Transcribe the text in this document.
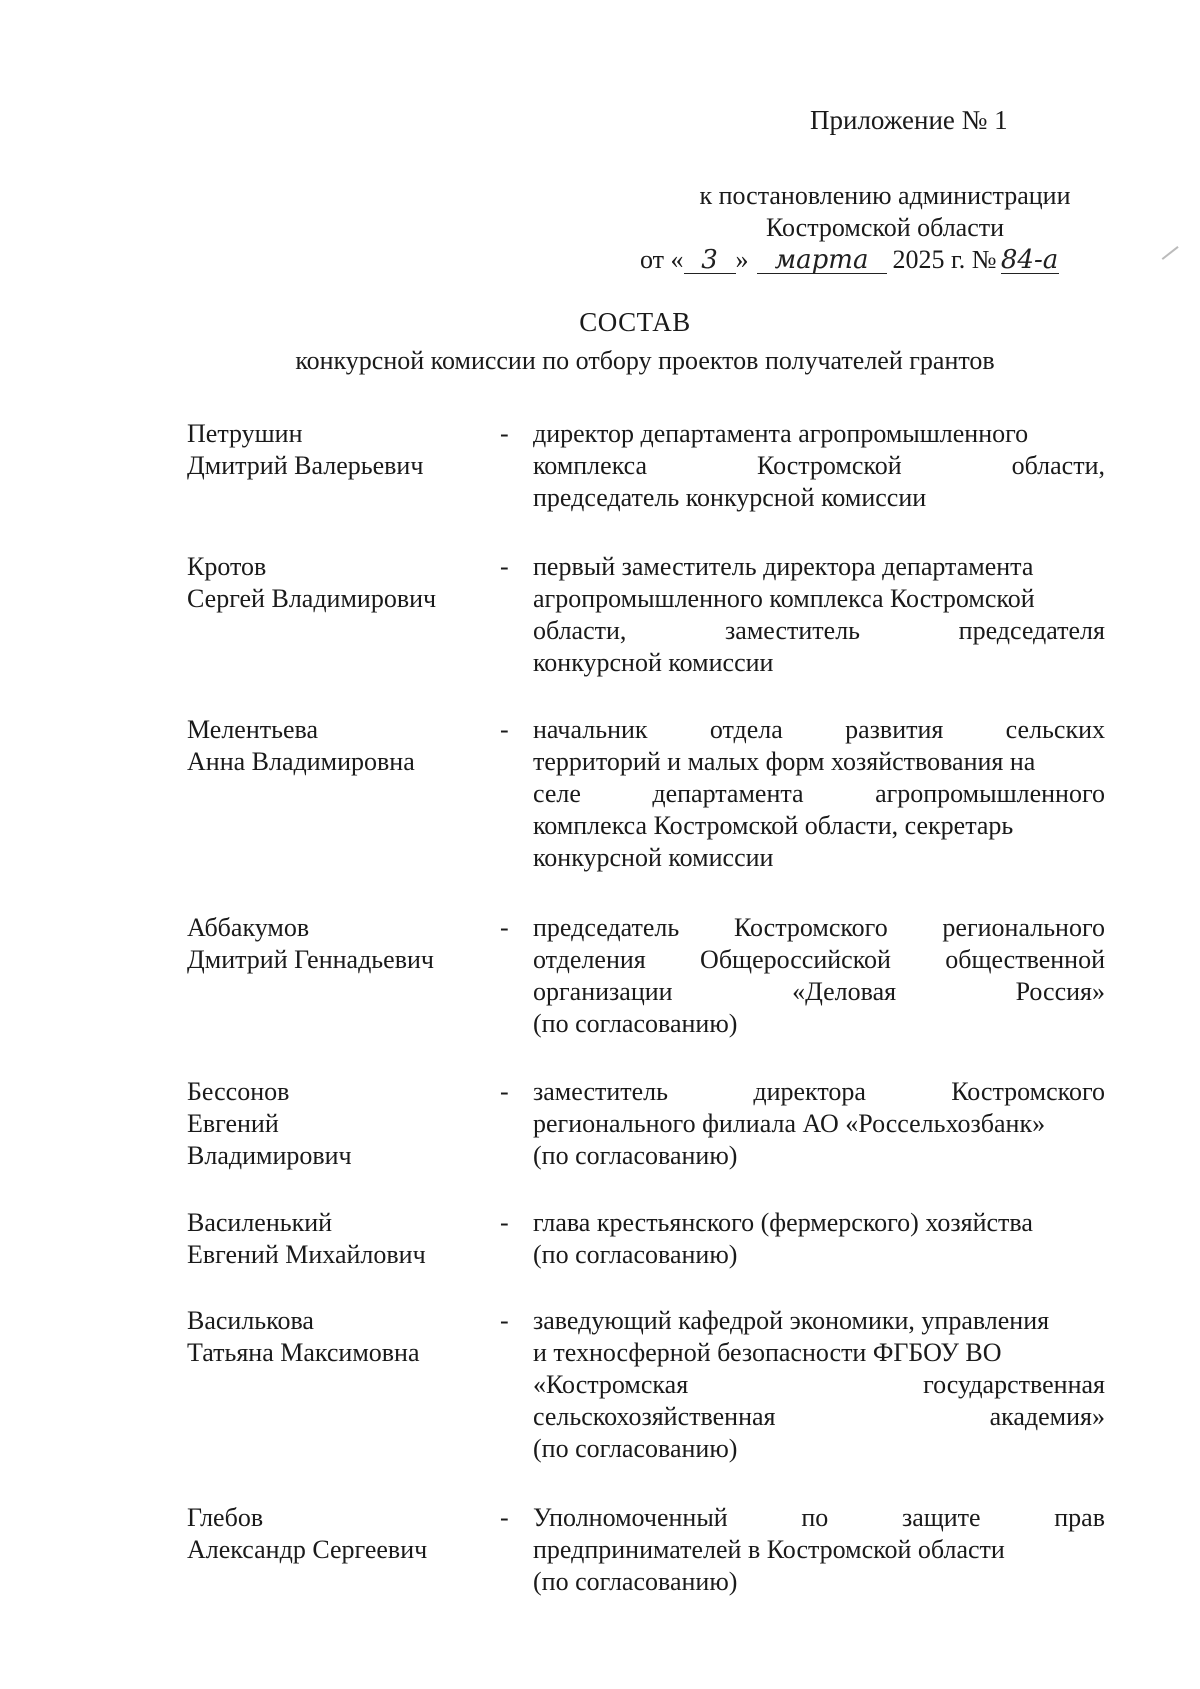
Приложение № 1
к постановлению администрации
Костромской области
от « 3 » марта 2025 г. № 84-а
СОСТАВ
конкурсной комиссии по отбору проектов получателей грантов
Петрушин
Дмитрий Валерьевич
- директор департамента агропромышленного
комплекса	Костромской	области,
председатель конкурсной комиссии
Кротов
Сергей Владимирович
- первый заместитель директора департамента
агропромышленного комплекса Костромской
области,	заместитель	председателя
конкурсной комиссии
Мелентьева
Анна Владимировна
- начальник отдела развития сельских
территорий и малых форм хозяйствования на
селе	департамента	агропромышленного
комплекса Костромской области, секретарь
конкурсной комиссии
Аббакумов
Дмитрий Геннадьевич
- председатель Костромского регионального
отделения Общероссийской общественной
организации	«Деловая	Россия»
(по согласованию)
Бессонов
Евгений
Владимирович
- заместитель	директора	Костромского
регионального филиала АО «Россельхозбанк»
(по согласованию)
Василенький
Евгений Михайлович
- глава крестьянского (фермерского) хозяйства
(по согласованию)
Василькова
Татьяна Максимовна
- заведующий кафедрой экономики, управления
и техносферной безопасности ФГБОУ ВО
«Костромская	государственная
сельскохозяйственная	академия»
(по согласованию)
Глебов
Александр Сергеевич
- Уполномоченный	по	защите	прав
предпринимателей в Костромской области
(по согласованию)
